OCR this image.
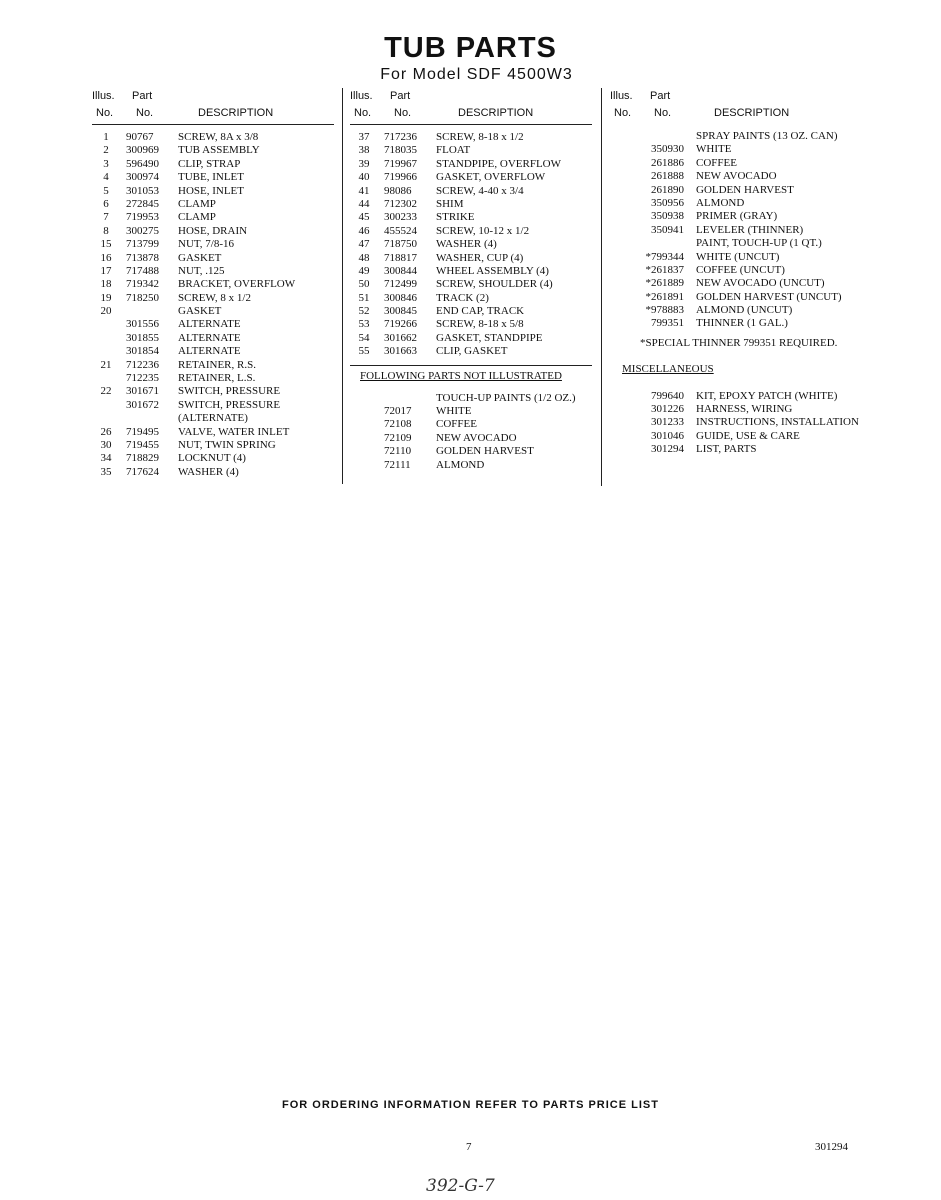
TUB PARTS
For Model SDF 4500W3
Illus. Part
No. No.	DESCRIPTION
1	90767 SCREW, 8A x 3/8
2	300969 TUB ASSEMBLY
3	596490 CLIP, STRAP
4	300974 TUBE, INLET
5	301053 HOSE, INLET
6	272845 CLAMP
7	719953 CLAMP
8	300275 HOSE, DRAIN
15	713799 NUT, 7/8-16
16	713878 GASKET
17	717488 NUT, .125
18	719342 BRACKET, OVERFLOW
19	718250 SCREW, 8 x 1/2
20	GASKET
301556 ALTERNATE
301855 ALTERNATE
301854 ALTERNATE
21	712236 RETAINER, R.S.
712235 RETAINER, L.S.
22	301671 SWITCH, PRESSURE
301672 SWITCH, PRESSURE
(ALTERNATE)
26	719495 VALVE, WATER INLET
30	719455 NUT, TWIN SPRING
34	718829 LOCKNUT (4)
35	717624 WASHER (4)
Illus. Part
No. No.	DESCRIPTION
37	717236 SCREW, 8-18 x 1/2
38	718035 FLOAT
39	719967 STANDPIPE, OVERFLOW
40	719966 GASKET, OVERFLOW
41	98086 SCREW, 4-40 x 3/4
44	712302 SHIM
45	300233 STRIKE
46	455524 SCREW, 10-12 x 1/2
47	718750 WASHER (4)
48	718817 WASHER, CUP (4)
49	300844 WHEEL ASSEMBLY (4)
50	712499 SCREW, SHOULDER (4)
51	300846 TRACK (2)
52	300845 END CAP, TRACK
53	719266 SCREW, 8-18 x 5/8
54	301662 GASKET, STANDPIPE
55	301663 CLIP, GASKET
FOLLOWING PARTS NOT ILLUSTRATED
TOUCH-UP PAINTS (1/2 OZ.)
72017 WHITE
72108 COFFEE
72109 NEW AVOCADO
72110 GOLDEN HARVEST
72111 ALMOND
Illus. Part
No. No.	DESCRIPTION
SPRAY PAINTS (13 OZ. CAN)
350930 WHITE
261886 COFFEE
261888 NEW AVOCADO
261890 GOLDEN HARVEST
350956 ALMOND
350938 PRIMER (GRAY)
350941 LEVELER (THINNER)
PAINT, TOUCH-UP (1 QT.)
*799344 WHITE (UNCUT)
*261837 COFFEE (UNCUT)
*261889 NEW AVOCADO (UNCUT)
*261891 GOLDEN HARVEST (UNCUT)
*978883 ALMOND (UNCUT)
799351 THINNER (1 GAL.)
*SPECIAL THINNER 799351 REQUIRED.
MISCELLANEOUS
799640 KIT, EPOXY PATCH (WHITE)
301226 HARNESS, WIRING
301233 INSTRUCTIONS, INSTALLATION
301046 GUIDE, USE & CARE
301294 LIST, PARTS
FOR ORDERING INFORMATION REFER TO PARTS PRICE LIST
7	301294
392-G-7
